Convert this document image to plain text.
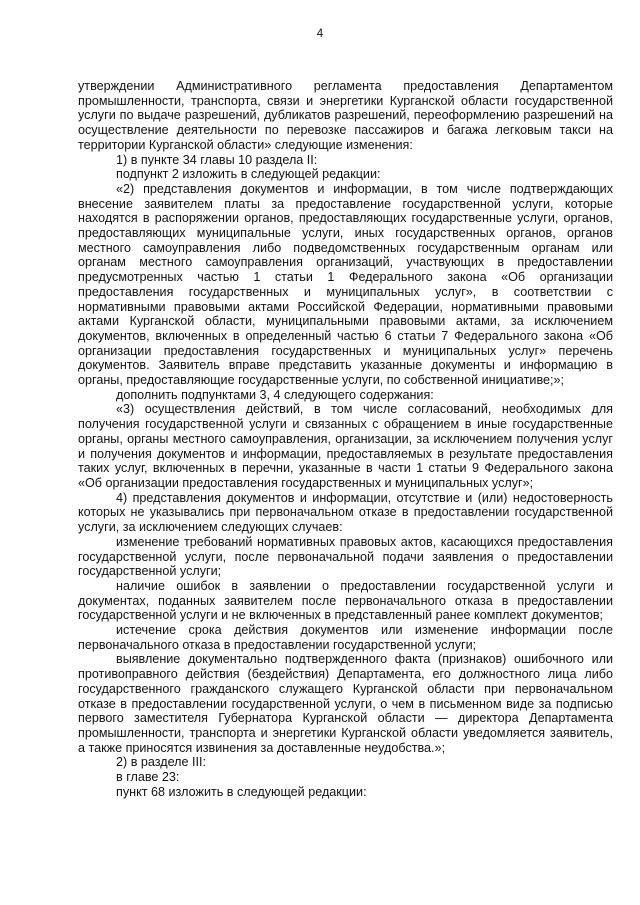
4

утверждении Административного регламента предоставления Департаментом промышленности, транспорта, связи и энергетики Курганской области государственной услуги по выдаче разрешений, дубликатов разрешений, переоформлению разрешений на осуществление деятельности по перевозке пассажиров и багажа легковым такси на территории Курганской области» следующие изменения:

1) в пункте 34 главы 10 раздела II:

подпункт 2 изложить в следующей редакции:

«2) представления документов и информации, в том числе подтверждающих внесение заявителем платы за предоставление государственной услуги, которые находятся в распоряжении органов, предоставляющих государственные услуги, органов, предоставляющих муниципальные услуги, иных государственных органов, органов местного самоуправления либо подведомственных государственным органам или органам местного самоуправления организаций, участвующих в предоставлении предусмотренных частью 1 статьи 1 Федерального закона «Об организации предоставления государственных и муниципальных услуг», в соответствии с нормативными правовыми актами Российской Федерации, нормативными правовыми актами Курганской области, муниципальными правовыми актами, за исключением документов, включенных в определенный частью 6 статьи 7 Федерального закона «Об организации предоставления государственных и муниципальных услуг» перечень документов. Заявитель вправе представить указанные документы и информацию в органы, предоставляющие государственные услуги, по собственной инициативе;»;

дополнить подпунктами 3, 4 следующего содержания:

«3) осуществления действий, в том числе согласований, необходимых для получения государственной услуги и связанных с обращением в иные государственные органы, органы местного самоуправления, организации, за исключением получения услуг и получения документов и информации, предоставляемых в результате предоставления таких услуг, включенных в перечни, указанные в части 1 статьи 9 Федерального закона «Об организации предоставления государственных и муниципальных услуг»;

4) представления документов и информации, отсутствие и (или) недостоверность которых не указывались при первоначальном отказе в предоставлении государственной услуги, за исключением следующих случаев:

изменение требований нормативных правовых актов, касающихся предоставления государственной услуги, после первоначальной подачи заявления о предоставлении государственной услуги;

наличие ошибок в заявлении о предоставлении государственной услуги и документах, поданных заявителем после первоначального отказа в предоставлении государственной услуги и не включенных в представленный ранее комплект документов;

истечение срока действия документов или изменение информации после первоначального отказа в предоставлении государственной услуги;

выявление документально подтвержденного факта (признаков) ошибочного или противоправного действия (бездействия) Департамента, его должностного лица либо государственного гражданского служащего Курганской области при первоначальном отказе в предоставлении государственной услуги, о чем в письменном виде за подписью первого заместителя Губернатора Курганской области — директора Департамента промышленности, транспорта и энергетики Курганской области уведомляется заявитель, а также приносятся извинения за доставленные неудобства.»;

2) в разделе III:

в главе 23:

пункт 68 изложить в следующей редакции:
